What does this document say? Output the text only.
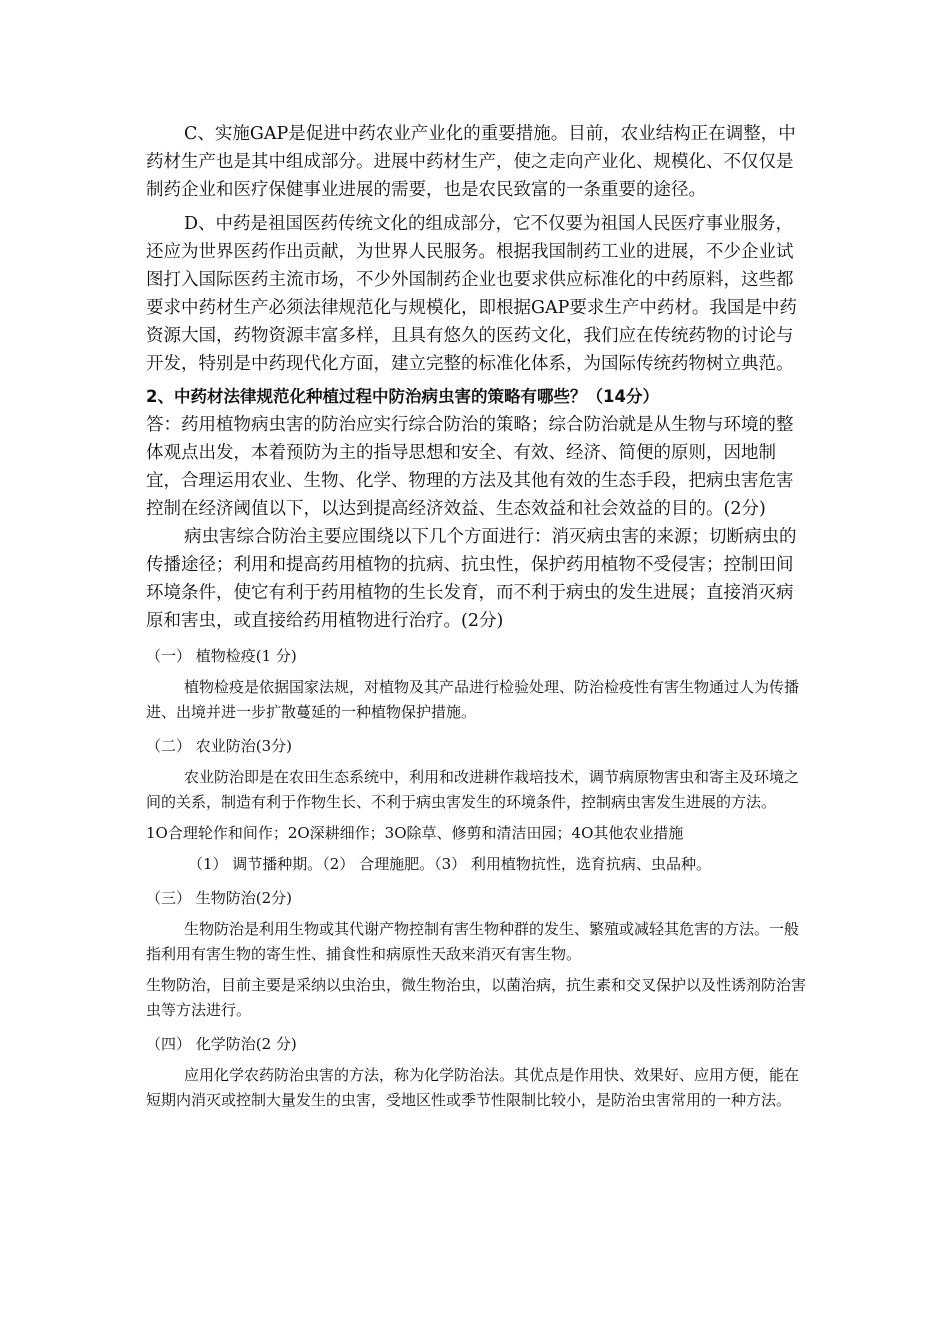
C、实施GAP是促进中药农业产业化的重要措施。目前，农业结构正在调整，中药材生产也是其中组成部分。进展中药材生产，使之走向产业化、规模化、不仅仅是制药企业和医疗保健事业进展的需要，也是农民致富的一条重要的途径。

D、中药是祖国医药传统文化的组成部分，它不仅要为祖国人民医疗事业服务，还应为世界医药作出贡献，为世界人民服务。根据我国制药工业的进展，不少企业试图打入国际医药主流市场，不少外国制药企业也要求供应标准化的中药原料，这些都要求中药材生产必须法律规范化与规模化，即根据GAP要求生产中药材。我国是中药资源大国，药物资源丰富多样，且具有悠久的医药文化，我们应在传统药物的讨论与开发，特别是中药现代化方面，建立完整的标准化体系，为国际传统药物树立典范。

2、中药材法律规范化种植过程中防治病虫害的策略有哪些？（14分）

答：药用植物病虫害的防治应实行综合防治的策略；综合防治就是从生物与环境的整体观点出发，本着预防为主的指导思想和安全、有效、经济、简便的原则，因地制宜，合理运用农业、生物、化学、物理的方法及其他有效的生态手段，把病虫害危害控制在经济阈值以下，以达到提高经济效益、生态效益和社会效益的目的。(2分)

病虫害综合防治主要应围绕以下几个方面进行：消灭病虫害的来源；切断病虫的传播途径；利用和提高药用植物的抗病、抗虫性，保护药用植物不受侵害；控制田间环境条件，使它有利于药用植物的生长发育，而不利于病虫的发生进展；直接消灭病原和害虫，或直接给药用植物进行治疗。(2分)

（一） 植物检疫(1 分)

植物检疫是依据国家法规，对植物及其产品进行检验处理、防治检疫性有害生物通过人为传播进、出境并进一步扩散蔓延的一种植物保护措施。

（二） 农业防治(3分)

农业防治即是在农田生态系统中，利用和改进耕作栽培技术，调节病原物害虫和寄主及环境之间的关系，制造有利于作物生长、不利于病虫害发生的环境条件，控制病虫害发生进展的方法。

1O合理轮作和间作；2O深耕细作；3O除草、修剪和清洁田园；4O其他农业措施

（1） 调节播种期。（2） 合理施肥。（3） 利用植物抗性，选育抗病、虫品种。

（三） 生物防治(2分)

生物防治是利用生物或其代谢产物控制有害生物种群的发生、繁殖或减轻其危害的方法。一般指利用有害生物的寄生性、捕食性和病原性天敌来消灭有害生物。

生物防治，目前主要是采纳以虫治虫，微生物治虫，以菌治病，抗生素和交叉保护以及性诱剂防治害虫等方法进行。

（四） 化学防治(2 分)

应用化学农药防治虫害的方法，称为化学防治法。其优点是作用快、效果好、应用方便，能在短期内消灭或控制大量发生的虫害，受地区性或季节性限制比较小，是防治虫害常用的一种方法。
